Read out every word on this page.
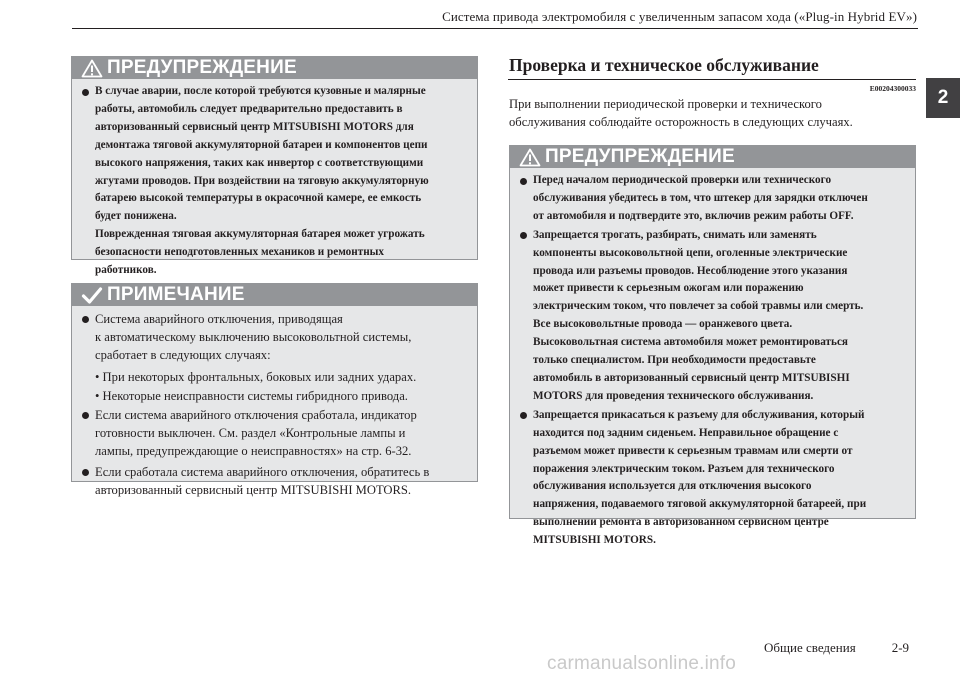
Система привода электромобиля с увеличенным запасом хода («Plug-in Hybrid EV»)
2
ПРЕДУПРЕЖДЕНИЕ
В случае аварии, после которой требуются кузовные и малярные
работы, автомобиль следует предварительно предоставить в
авторизованный сервисный центр MITSUBISHI MOTORS для
демонтажа тяговой аккумуляторной батареи и компонентов цепи
высокого напряжения, таких как инвертор с соответствующими
жгутами проводов. При воздействии на тяговую аккумуляторную
батарею высокой температуры в окрасочной камере, ее емкость
будет понижена.
Поврежденная тяговая аккумуляторная батарея может угрожать
безопасности неподготовленных механиков и ремонтных
работников.
ПРИМЕЧАНИЕ
Система аварийного отключения, приводящая
к автоматическому выключению высоковольтной системы,
сработает в следующих случаях:
• При некоторых фронтальных, боковых или задних ударах.
• Некоторые неисправности системы гибридного привода.
Если система аварийного отключения сработала, индикатор
готовности выключен. См. раздел «Контрольные лампы и
лампы, предупреждающие о неисправностях» на стр. 6-32.
Если сработала система аварийного отключения, обратитесь в
авторизованный сервисный центр MITSUBISHI MOTORS.
Проверка и техническое обслуживание
E00204300033
При выполнении периодической проверки и технического
обслуживания соблюдайте осторожность в следующих случаях.
ПРЕДУПРЕЖДЕНИЕ
Перед началом периодической проверки или технического
обслуживания убедитесь в том, что штекер для зарядки отключен
от автомобиля и подтвердите это, включив режим работы OFF.
Запрещается трогать, разбирать, снимать или заменять
компоненты высоковольтной цепи, оголенные электрические
провода или разъемы проводов. Несоблюдение этого указания
может привести к серьезным ожогам или поражению
электрическим током, что повлечет за собой травмы или смерть.
Все высоковольтные провода — оранжевого цвета.
Высоковольтная система автомобиля может ремонтироваться
только специалистом. При необходимости предоставьте
автомобиль в авторизованный сервисный центр MITSUBISHI
MOTORS для проведения технического обслуживания.
Запрещается прикасаться к разъему для обслуживания, который
находится под задним сиденьем. Неправильное обращение с
разъемом может привести к серьезным травмам или смерти от
поражения электрическим током. Разъем для технического
обслуживания используется для отключения высокого
напряжения, подаваемого тяговой аккумуляторной батареей, при
выполнении ремонта в авторизованном сервисном центре
MITSUBISHI MOTORS.
Общие сведения	2-9
carmanualsonline.info
